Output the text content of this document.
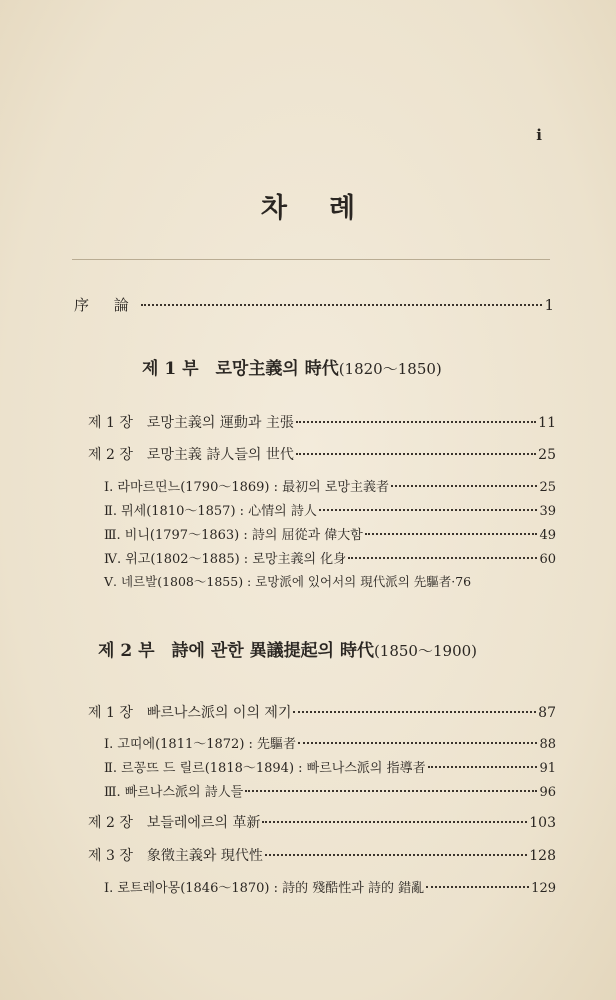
i
차례
序 論	1
제 1 부　로망主義의 時代(1820～1850)
제 1 장　로망主義의 運動과 主張	11
제 2 장　로망主義 詩人들의 世代	25
Ⅰ. 라마르띤느(1790～1869) : 最初의 로망主義者	25
Ⅱ. 뮈세(1810～1857) : 心情의 詩人	39
Ⅲ. 비니(1797～1863) : 詩의 屈從과 偉大함	49
Ⅳ. 위고(1802～1885) : 로망主義의 化身	60
Ⅴ. 네르발(1808～1855) : 로망派에 있어서의 現代派의 先驅者· 76
제 2 부　詩에 관한 異議提起의 時代(1850～1900)
제 1 장　빠르나스派의 이의 제기	87
Ⅰ. 고띠에(1811～1872) : 先驅者	88
Ⅱ. 르꽁뜨 드 릴르(1818～1894) : 빠르나스派의 指導者	91
Ⅲ. 빠르나스派의 詩人들	96
제 2 장　보들레에르의 革新	103
제 3 장　象徵主義와 現代性	128
Ⅰ. 로트레아몽(1846～1870) : 詩的 殘酷性과 詩的 錯亂	129
